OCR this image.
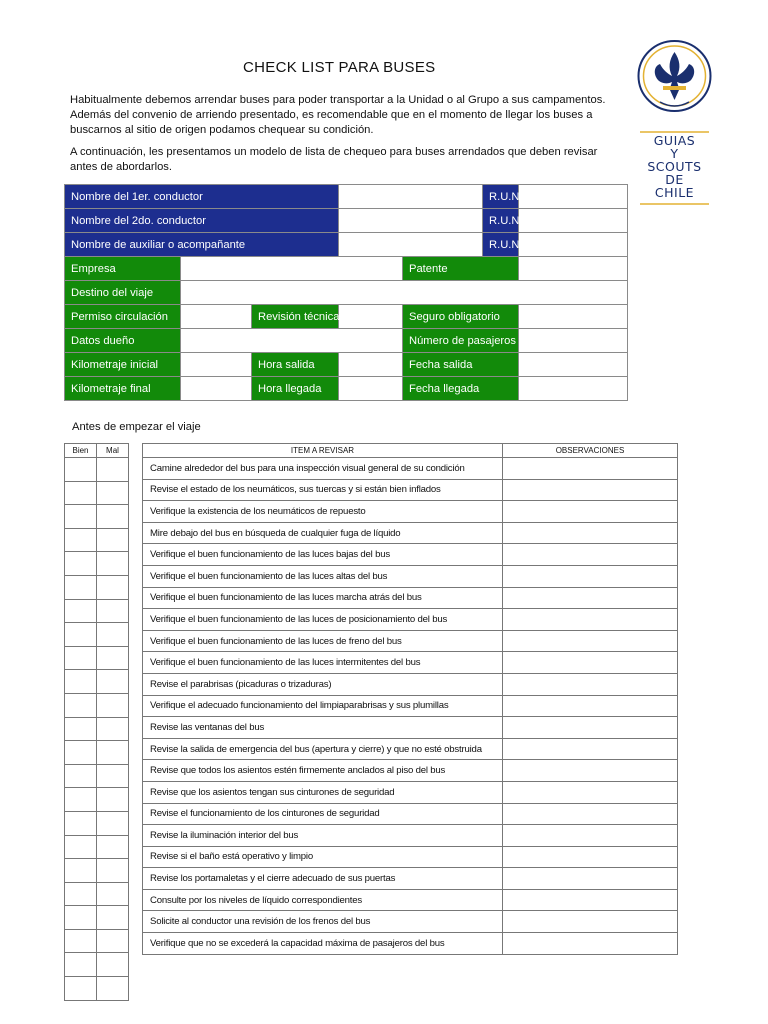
CHECK LIST PARA BUSES
Habitualmente debemos arrendar buses para poder transportar a la Unidad o al Grupo a sus campamentos. Además del convenio de arriendo presentado, es recomendable que en el momento de llegar los buses a buscarnos al sitio de origen podamos chequear su condición.
A continuación, les presentamos un modelo de lista de chequeo para buses arrendados que deben revisar antes de abordarlos.
GUIAS
Y
SCOUTS
DE
CHILE
Nombre del 1er. conductor					R.U.N.	
Nombre del 2do. conductor					R.U.N.	
Nombre de auxiliar o acompañante					R.U.N.	
Empresa				Patente		
Destino del viaje						
Permiso circulación		Revisión técnica		Seguro obligatorio		
Datos dueño				Número de pasajeros		
Kilometraje inicial		Hora salida		Fecha salida		
Kilometraje final		Hora llegada		Fecha llegada		
Antes de empezar el viaje
Bien	Mal

		ITEM A REVISAR	OBSERVACIONES
Camine alrededor del bus para una inspección visual general de su condición	
Revise el estado de los neumáticos, sus tuercas y si están bien inflados	
Verifique la existencia de los neumáticos de repuesto	
Mire debajo del bus en búsqueda de cualquier fuga de líquido	
Verifique el buen funcionamiento de las luces bajas del bus	
Verifique el buen funcionamiento de las luces altas del bus	
Verifique el buen funcionamiento de las luces marcha atrás del bus	
Verifique el buen funcionamiento de las luces de posicionamiento del bus	
Verifique el buen funcionamiento de las luces de freno del bus	
Verifique el buen funcionamiento de las luces intermitentes del bus	
Revise el parabrisas (picaduras o trizaduras)	
Verifique el adecuado funcionamiento del limpiaparabrisas y sus plumillas	
Revise las ventanas del bus	
Revise la salida de emergencia del bus (apertura y cierre) y que no esté obstruida	
Revise que todos los asientos estén firmemente anclados al piso del bus	
Revise que los asientos tengan sus cinturones de seguridad	
Revise el funcionamiento de los cinturones de seguridad	
Revise la iluminación interior del bus	
Revise si el baño está operativo y limpio	
Revise los portamaletas y el cierre adecuado de sus puertas	
Consulte por los niveles de líquido correspondientes	
Solicite al conductor una revisión de los frenos del bus	
Verifique que no se excederá la capacidad máxima de pasajeros del bus	
